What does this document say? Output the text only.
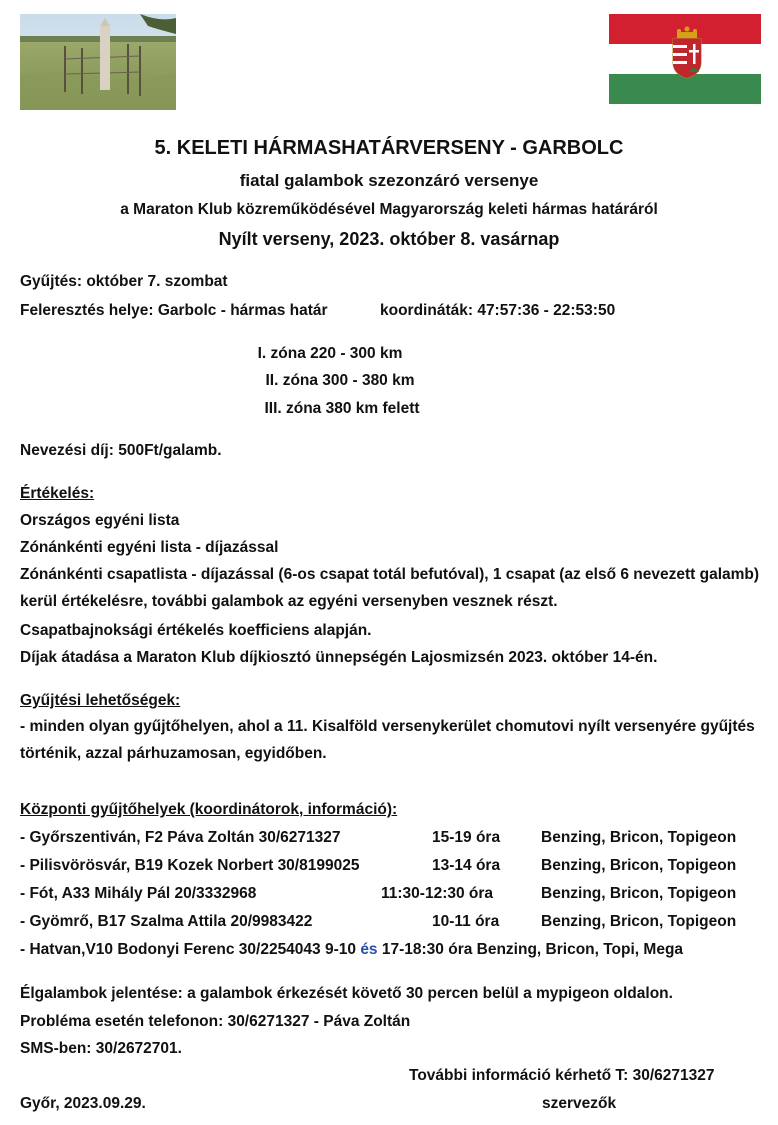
5. KELETI HÁRMASHATÁRVERSENY - GARBOLC
fiatal galambok szezonzáró versenye
a Maraton Klub közreműködésével Magyarország keleti hármas határáról
Nyílt verseny, 2023. október 8. vasárnap
Gyűjtés: október 7. szombat
Feleresztés helye: Garbolc - hármas határ	koordináták: 47:57:36 - 22:53:50
I. zóna 220 - 300 km
II. zóna 300 - 380 km
III. zóna 380 km felett
Nevezési díj: 500Ft/galamb.
Értékelés:
Országos egyéni lista
Zónánkénti egyéni lista - díjazással
Zónánkénti csapatlista - díjazással (6-os csapat totál befutóval), 1 csapat (az első 6 nevezett galamb) kerül értékelésre, további galambok az egyéni versenyben vesznek részt.
Csapatbajnoksági értékelés koefficiens alapján.
Díjak átadása a Maraton Klub díjkiosztó ünnepségén Lajosmizsén 2023. október 14-én.
Gyűjtési lehetőségek:
- minden olyan gyűjtőhelyen, ahol a 11. Kisalföld versenykerület chomutovi nyílt versenyére gyűjtés történik, azzal párhuzamosan, egyidőben.
Központi gyűjtőhelyek (koordinátorok, információ):
- Győrszentiván, F2 Páva Zoltán 30/6271327	15-19 óra	Benzing, Bricon, Topigeon
- Pilisvörösvár, B19 Kozek Norbert 30/8199025	13-14 óra	Benzing, Bricon, Topigeon
- Fót, A33 Mihály Pál 20/3332968	11:30-12:30 óra	Benzing, Bricon, Topigeon
- Gyömrő, B17 Szalma Attila 20/9983422	10-11 óra	Benzing, Bricon, Topigeon
- Hatvan,V10 Bodonyi Ferenc 30/2254043 9-10 és 17-18:30 óra Benzing, Bricon, Topi, Mega
Élgalambok jelentése: a galambok érkezését követő 30 percen belül a mypigeon oldalon.
Probléma esetén telefonon: 30/6271327 - Páva Zoltán
SMS-ben: 30/2672701.
További információ kérhető T: 30/6271327
Győr, 2023.09.29.	szervezők
